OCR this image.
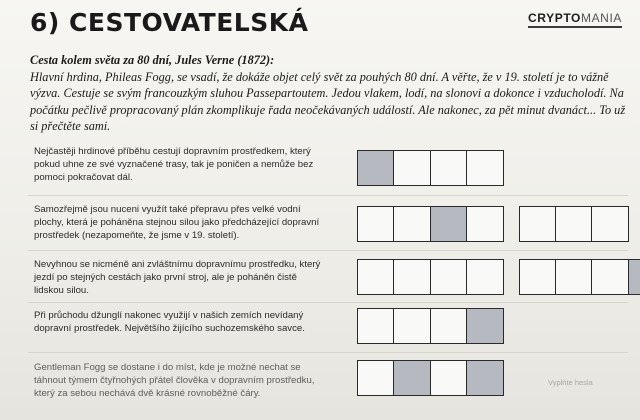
6) CESTOVATELSKÁ	CRYPTOMANIA
Cesta kolem světa za 80 dní, Jules Verne (1872):
Hlavní hrdina, Phileas Fogg, se vsadí, že dokáže objet celý svět za pouhých 80 dní. A věřte, že v 19. století je to vážně výzva. Cestuje se svým francouzkým sluhou Passepartoutem. Jedou vlakem, lodí, na slonovi a dokonce i vzducholodí. Na počátku pečlivě propracovaný plán zkomplikuje řada neočekávaných událostí. Ale nakonec, za pět minut dvanáct... To už si přečtěte sami.
Nejčastěji hrdinové příběhu cestují dopravním prostředkem, který pokud uhne ze své vyznačené trasy, tak je poničen a nemůže bez pomoci pokračovat dál.
Samozřejmě jsou nuceni využít také přepravu přes velké vodní plochy, která je poháněna stejnou silou jako předcházející dopravní prostředek (nezapomeňte, že jsme v 19. století).
Nevyhnou se nicméně ani zvláštnímu dopravnímu prostředku, který jezdí po stejných cestách jako první stroj, ale je poháněn čistě lidskou silou.
Při průchodu džunglí nakonec využijí v našich zemích nevídaný dopravní prostředek. Největšího žijícího suchozemského savce.
Gentleman Fogg se dostane i do míst, kde je možné nechat se táhnout týmem čtyřnohých přátel člověka v dopravním prostředku, který za sebou nechává dvě krásné rovnoběžné čáry.
Vyplňte hesla
